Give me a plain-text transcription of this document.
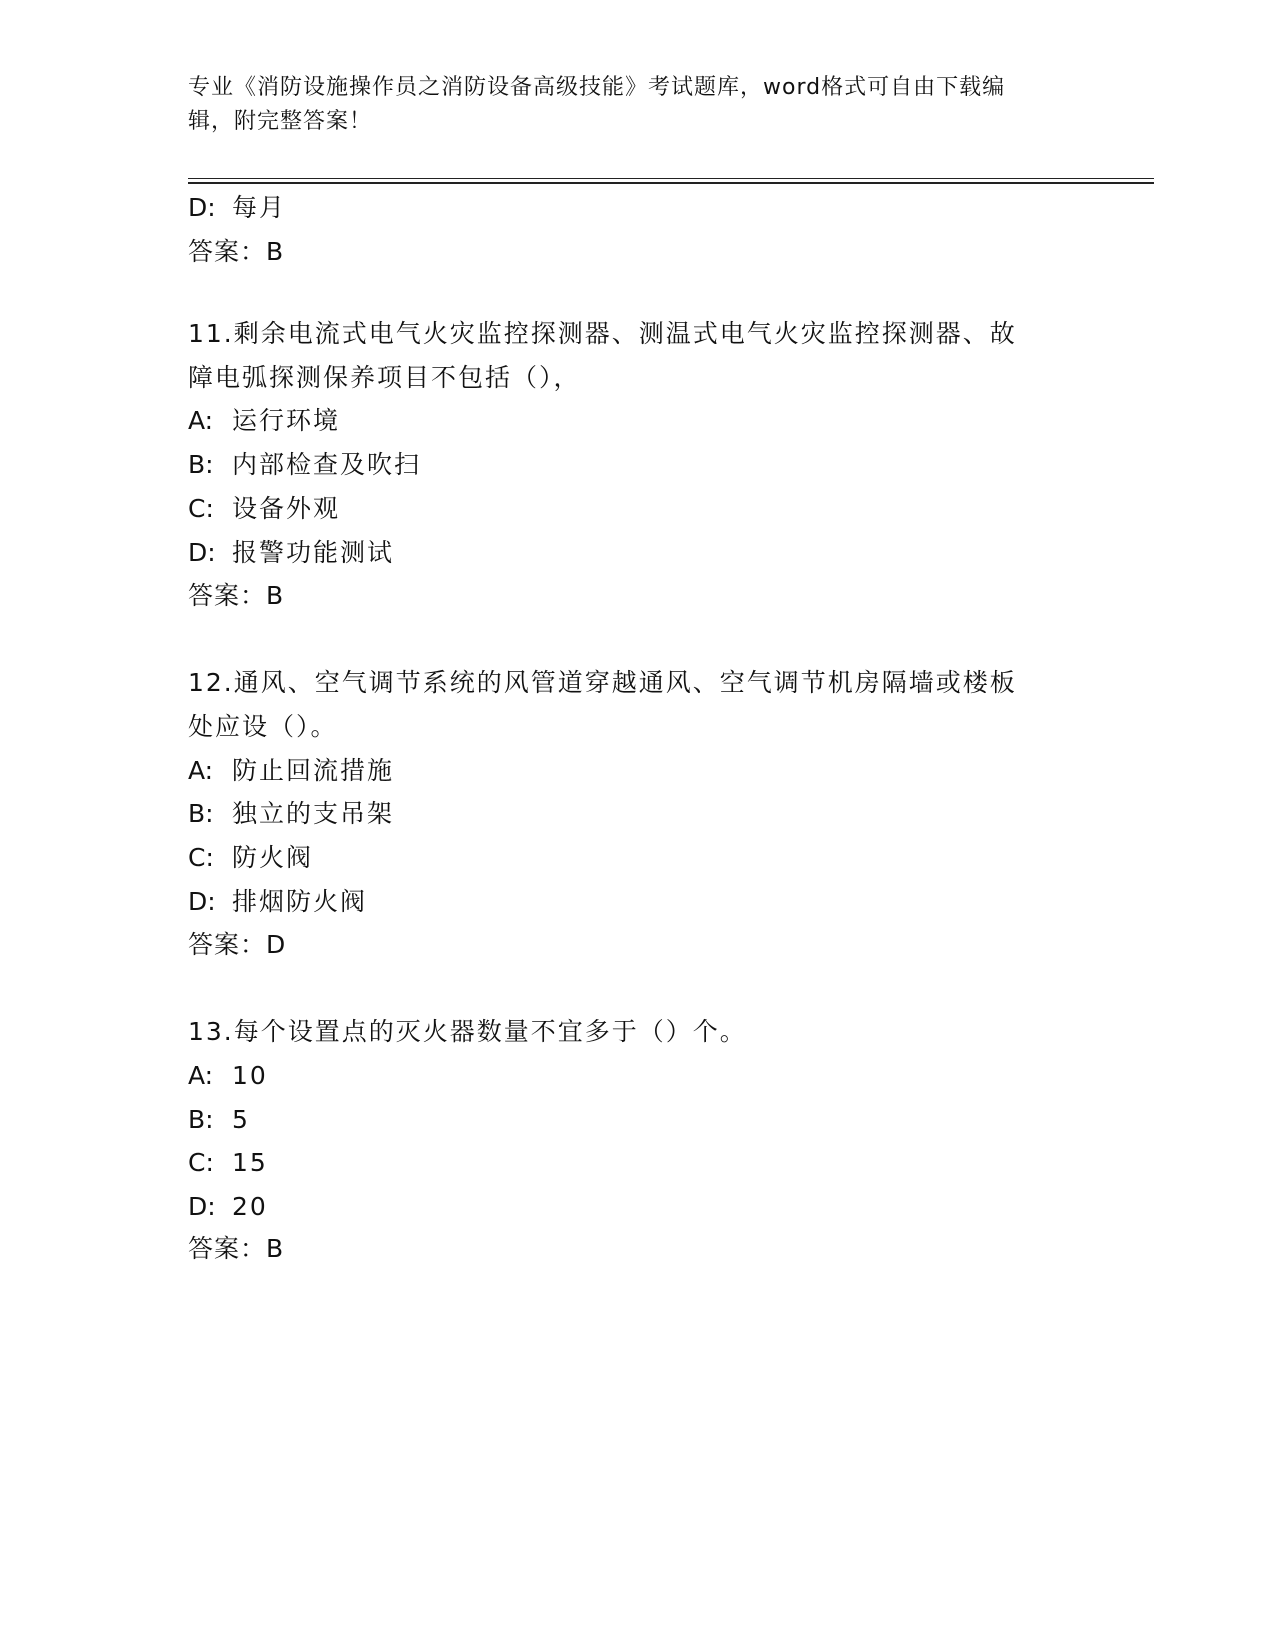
专业《消防设施操作员之消防设备高级技能》考试题库，word格式可自由下载编
辑，附完整答案！
D: 每月
答案：B
11.剩余电流式电气火灾监控探测器、测温式电气火灾监控探测器、故
障电弧探测保养项目不包括（），
A: 运行环境
B: 内部检查及吹扫
C: 设备外观
D: 报警功能测试
答案：B
12.通风、空气调节系统的风管道穿越通风、空气调节机房隔墙或楼板
处应设（）。
A: 防止回流措施
B: 独立的支吊架
C: 防火阀
D: 排烟防火阀
答案：D
13.每个设置点的灭火器数量不宜多于（）个。
A: 10
B: 5
C: 15
D: 20
答案：B
